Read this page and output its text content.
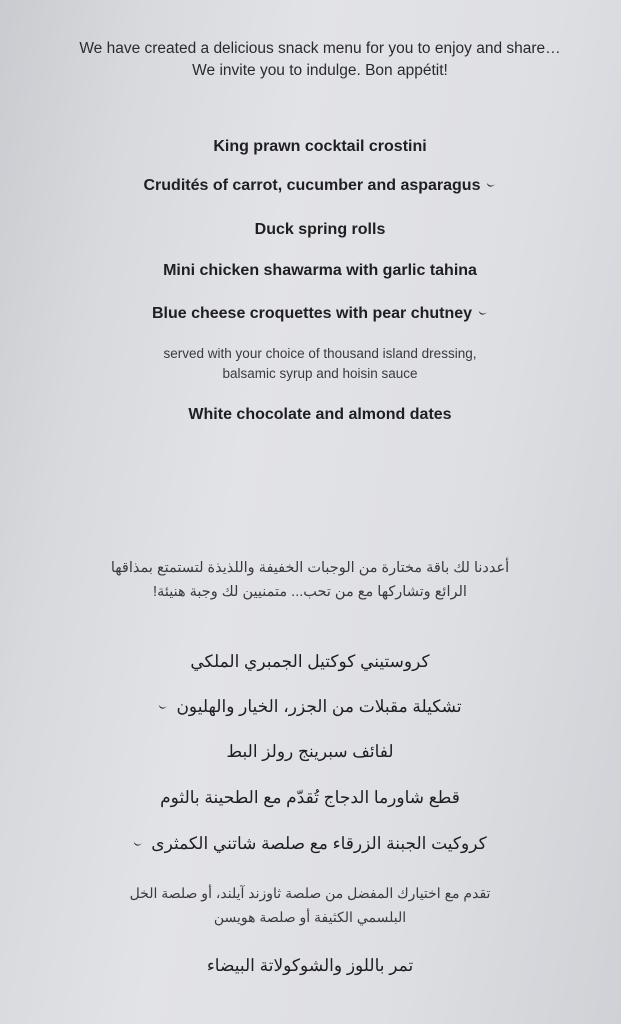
We have created a delicious snack menu for you to enjoy and share…
We invite you to indulge. Bon appétit!
King prawn cocktail crostini
Crudités of carrot, cucumber and asparagus
Duck spring rolls
Mini chicken shawarma with garlic tahina
Blue cheese croquettes with pear chutney
served with your choice of thousand island dressing,
balsamic syrup and hoisin sauce
White chocolate and almond dates
أعددنا لك باقة مختارة من الوجبات الخفيفة واللذيذة لتستمتع بمذاقها
الرائع وتشاركها مع من تحب... متمنيين لك وجبة هنيئة!
كروستيني كوكتيل الجمبري الملكي
تشكيلة مقبلات من الجزر، الخيار والهليون
لفائف سبرينج رولز البط
قطع شاورما الدجاج تُقدّم مع الطحينة بالثوم
كروكيت الجبنة الزرقاء مع صلصة شاتني الكمثرى
تقدم مع اختيارك المفضل من صلصة ثاوزند آيلند، أو صلصة الخل
البلسمي الكثيفة أو صلصة هويسن
تمر باللوز والشوكولاتة البيضاء
